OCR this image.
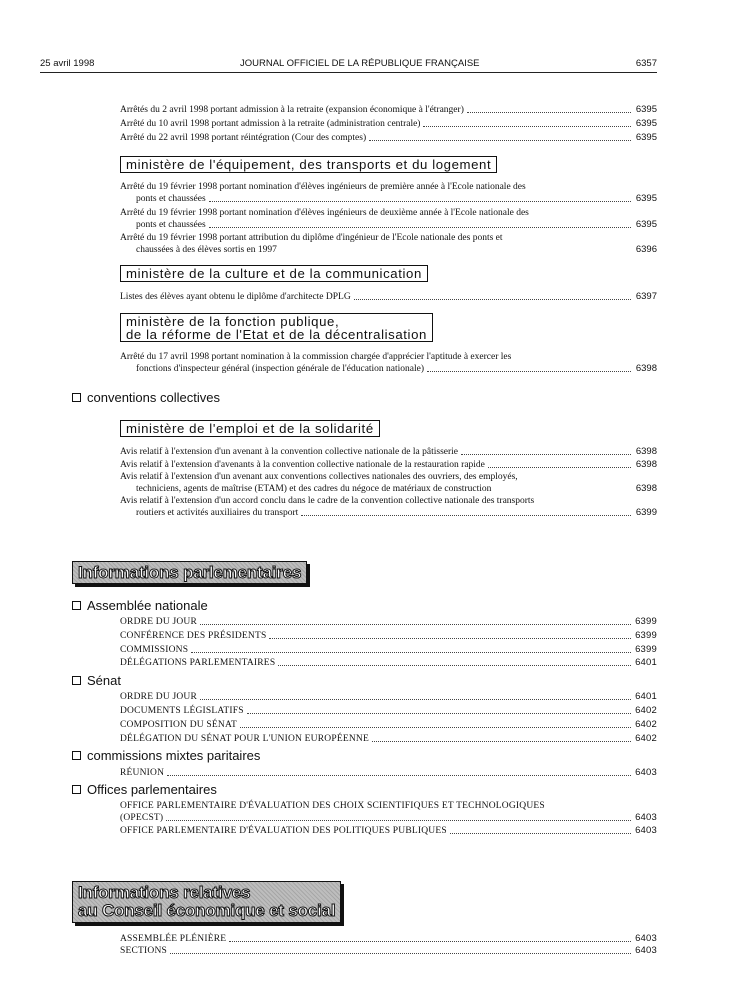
25 avril 1998	JOURNAL OFFICIEL DE LA RÉPUBLIQUE FRANÇAISE	6357
Arrêtés du 2 avril 1998 portant admission à la retraite (expansion économique à l'étranger)	6395
Arrêté du 10 avril 1998 portant admission à la retraite (administration centrale)	6395
Arrêté du 22 avril 1998 portant réintégration (Cour des comptes)	6395
ministère de l'équipement, des transports et du logement
Arrêté du 19 février 1998 portant nomination d'élèves ingénieurs de première année à l'Ecole nationale des
ponts et chaussées	6395
Arrêté du 19 février 1998 portant nomination d'élèves ingénieurs de deuxième année à l'Ecole nationale des
ponts et chaussées	6395
Arrêté du 19 février 1998 portant attribution du diplôme d'ingénieur de l'Ecole nationale des ponts et
chaussées à des élèves sortis en 1997	6396
ministère de la culture et de la communication
Listes des élèves ayant obtenu le diplôme d'architecte DPLG	6397
ministère de la fonction publique,
de la réforme de l'Etat et de la décentralisation
Arrêté du 17 avril 1998 portant nomination à la commission chargée d'apprécier l'aptitude à exercer les
fonctions d'inspecteur général (inspection générale de l'éducation nationale)	6398
conventions collectives
ministère de l'emploi et de la solidarité
Avis relatif à l'extension d'un avenant à la convention collective nationale de la pâtisserie	6398
Avis relatif à l'extension d'avenants à la convention collective nationale de la restauration rapide	6398
Avis relatif à l'extension d'un avenant aux conventions collectives nationales des ouvriers, des employés,
techniciens, agents de maîtrise (ETAM) et des cadres du négoce de matériaux de construction	6398
Avis relatif à l'extension d'un accord conclu dans le cadre de la convention collective nationale des transports
routiers et activités auxiliaires du transport	6399
Informations parlementaires
Assemblée nationale
ORDRE DU JOUR	6399
CONFÉRENCE DES PRÉSIDENTS	6399
COMMISSIONS	6399
DÉLÉGATIONS PARLEMENTAIRES	6401
Sénat
ORDRE DU JOUR	6401
DOCUMENTS LÉGISLATIFS	6402
COMPOSITION DU SÉNAT	6402
DÉLÉGATION DU SÉNAT POUR L'UNION EUROPÉENNE	6402
commissions mixtes paritaires
RÉUNION	6403
Offices parlementaires
OFFICE PARLEMENTAIRE D'ÉVALUATION DES CHOIX SCIENTIFIQUES ET TECHNOLOGIQUES
(OPECST)	6403
OFFICE PARLEMENTAIRE D'ÉVALUATION DES POLITIQUES PUBLIQUES	6403
Informations relatives
au Conseil économique et social
ASSEMBLÉE PLÉNIÈRE	6403
SECTIONS	6403
